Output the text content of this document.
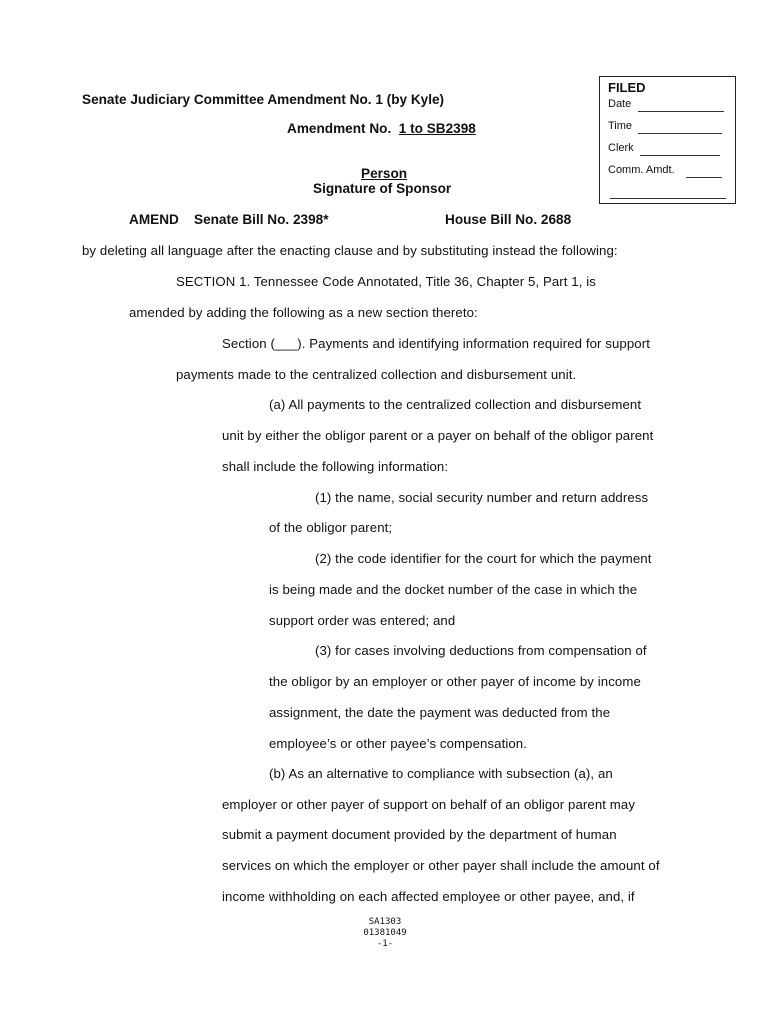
Senate Judiciary Committee Amendment No. 1 (by Kyle)
Amendment No. 1 to SB2398
Person
Signature of Sponsor
AMEND Senate Bill No. 2398*	House Bill No. 2688
FILED
Date
Time
Clerk
Comm. Amdt.
by deleting all language after the enacting clause and by substituting instead the following:
SECTION 1. Tennessee Code Annotated, Title 36, Chapter 5, Part 1, is
amended by adding the following as a new section thereto:
Section (___). Payments and identifying information required for support
payments made to the centralized collection and disbursement unit.
(a) All payments to the centralized collection and disbursement
unit by either the obligor parent or a payer on behalf of the obligor parent
shall include the following information:
(1) the name, social security number and return address
of the obligor parent;
(2) the code identifier for the court for which the payment
is being made and the docket number of the case in which the
support order was entered; and
(3) for cases involving deductions from compensation of
the obligor by an employer or other payer of income by income
assignment, the date the payment was deducted from the
employee’s or other payee’s compensation.
(b) As an alternative to compliance with subsection (a), an
employer or other payer of support on behalf of an obligor parent may
submit a payment document provided by the department of human
services on which the employer or other payer shall include the amount of
income withholding on each affected employee or other payee, and, if
SA1303
01381049
-1-
